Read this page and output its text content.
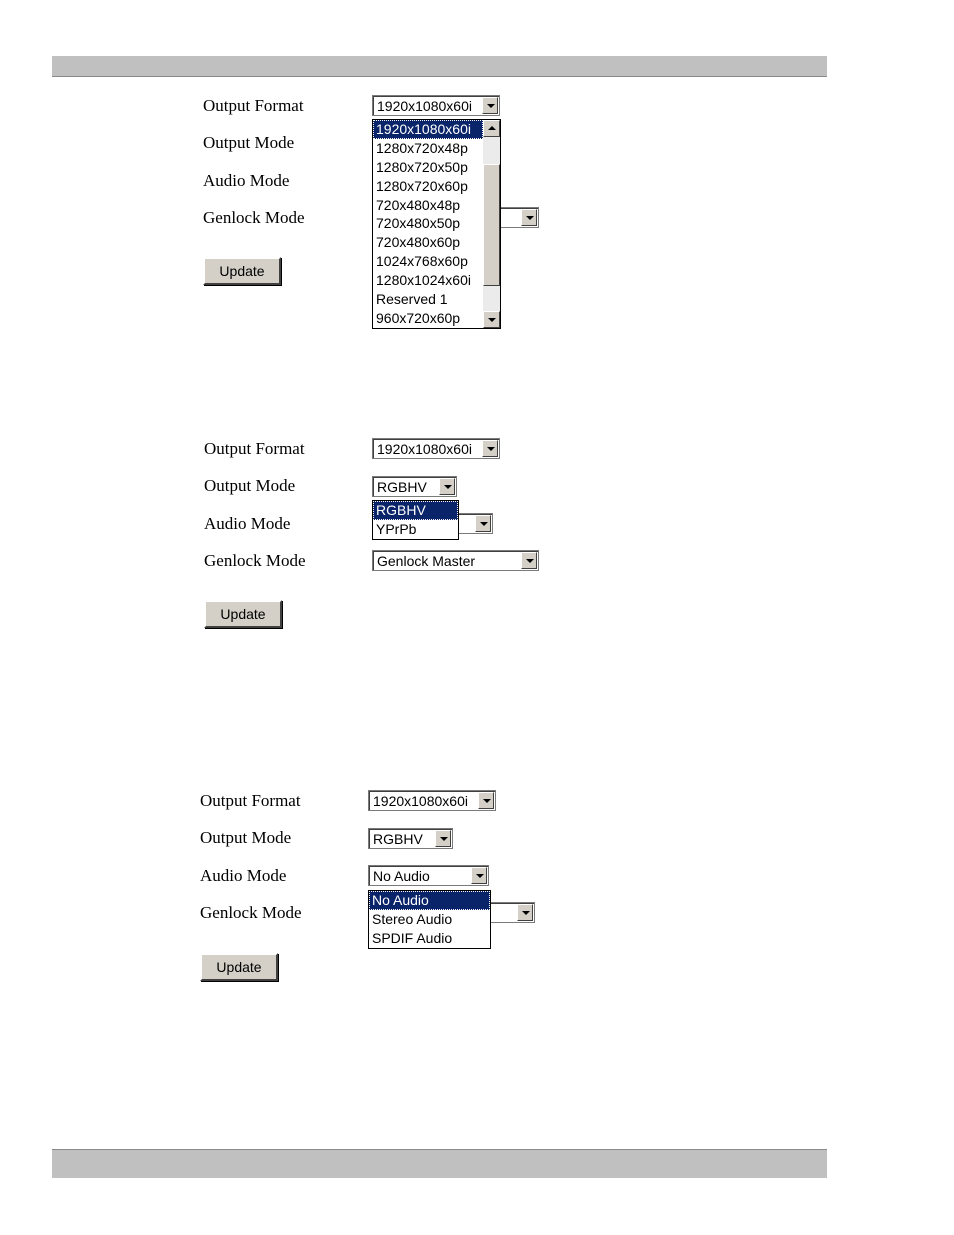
Output Format
Output Mode
Audio Mode
Genlock Mode
1920x1080x60i
Update
1920x1080x60i
1280x720x48p
1280x720x50p
1280x720x60p
720x480x48p
720x480x50p
720x480x60p
1024x768x60p
1280x1024x60i
Reserved 1
960x720x60p
Output Format
Output Mode
Audio Mode
Genlock Mode
1920x1080x60i
RGBHV
Genlock Master
Update
RGBHV
YPrPb
Output Format
Output Mode
Audio Mode
Genlock Mode
1920x1080x60i
RGBHV
No Audio
Update
No Audio
Stereo Audio
SPDIF Audio
